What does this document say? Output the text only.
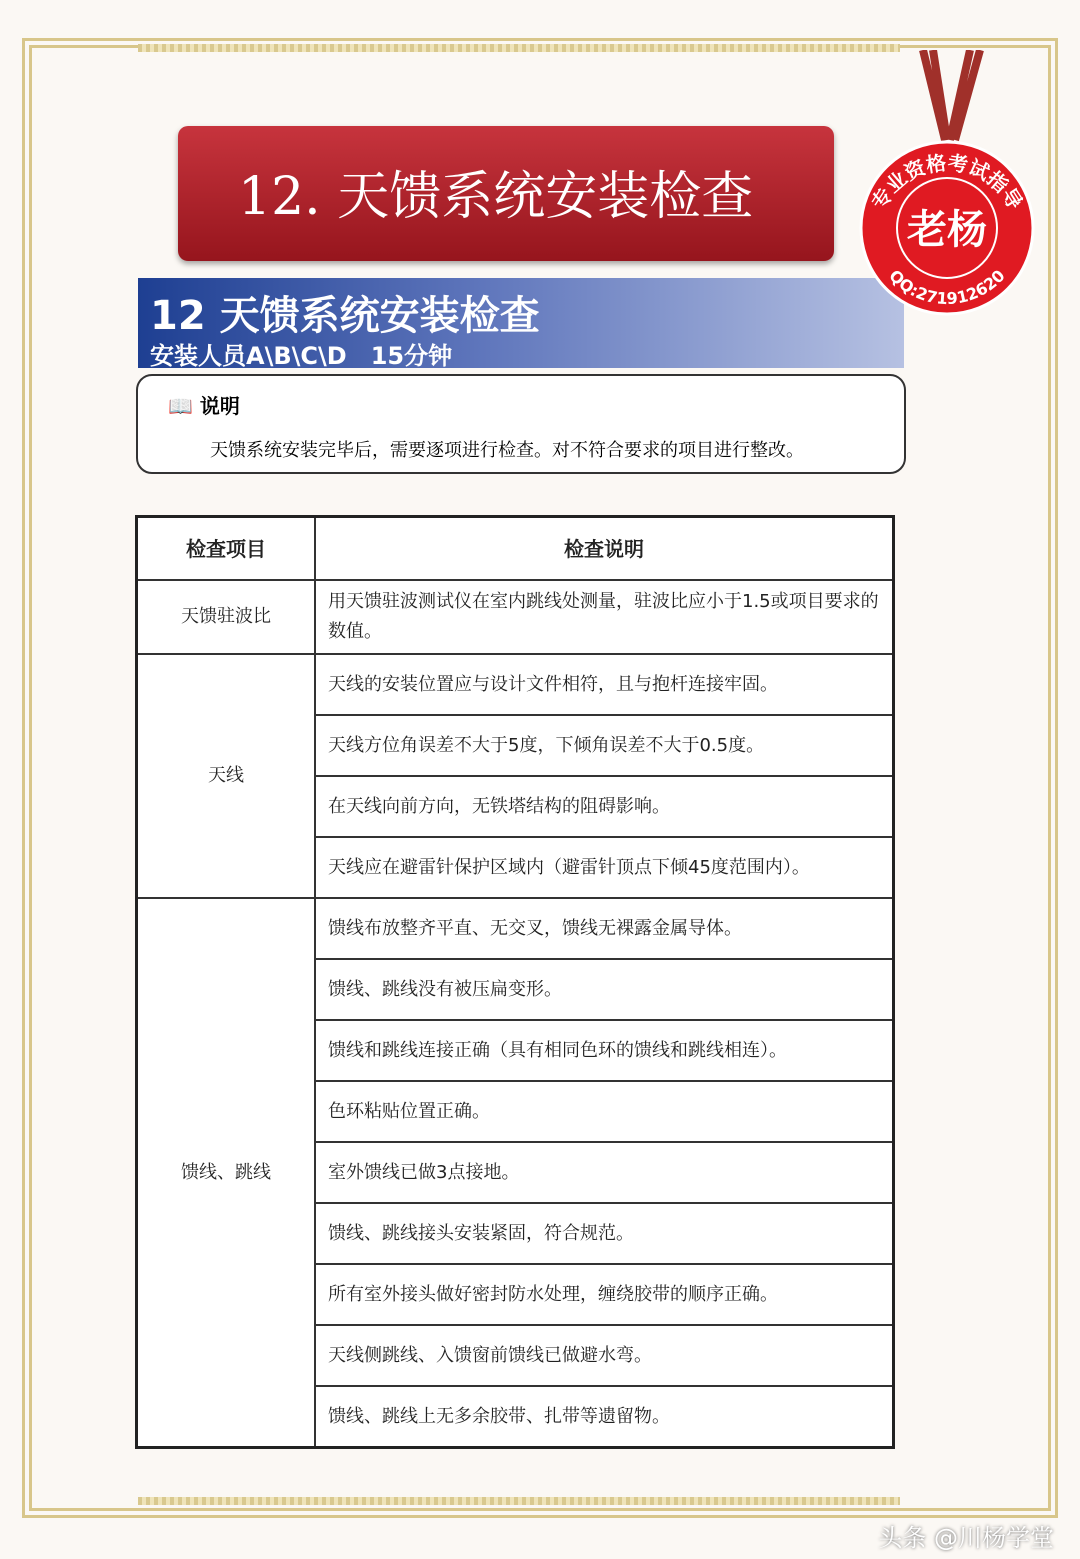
12. 天馈系统安装检查
12 天馈系统安装检查
安装人员A\B\C\D　15分钟
专业资格考试指导
老杨
QQ:271912620
📖 说明
天馈系统安装完毕后，需要逐项进行检查。对不符合要求的项目进行整改。
检查项目	检查说明
天馈驻波比	用天馈驻波测试仪在室内跳线处测量，驻波比应小于1.5或项目要求的数值。
天线	天线的安装位置应与设计文件相符，且与抱杆连接牢固。
	天线方位角误差不大于5度，下倾角误差不大于0.5度。
	在天线向前方向，无铁塔结构的阻碍影响。
	天线应在避雷针保护区域内（避雷针顶点下倾45度范围内）。
馈线、跳线	馈线布放整齐平直、无交叉，馈线无裸露金属导体。
	馈线、跳线没有被压扁变形。
	馈线和跳线连接正确（具有相同色环的馈线和跳线相连）。
	色环粘贴位置正确。
	室外馈线已做3点接地。
	馈线、跳线接头安装紧固，符合规范。
	所有室外接头做好密封防水处理，缠绕胶带的顺序正确。
	天线侧跳线、入馈窗前馈线已做避水弯。
	馈线、跳线上无多余胶带、扎带等遗留物。
头条 @川杨学堂
